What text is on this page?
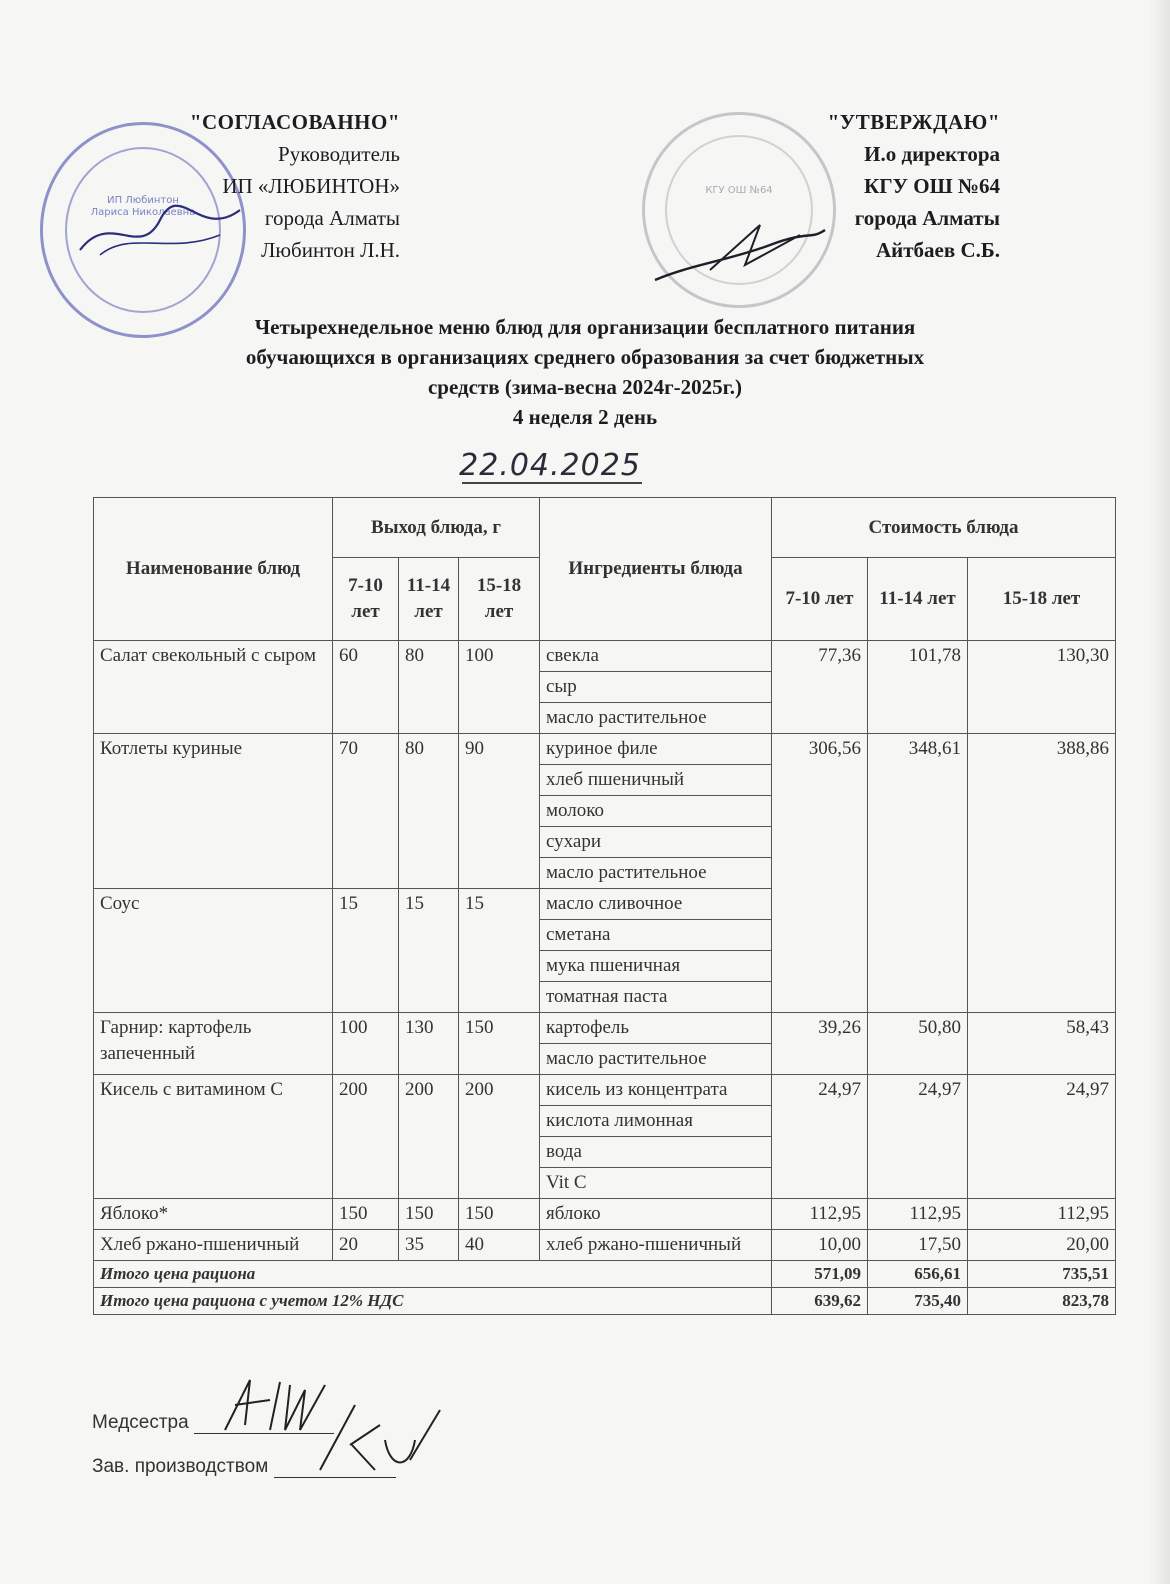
ИП Любинтон Лариса Николаевна
КГУ ОШ №64
"СОГЛАСОВАННО"
Руководитель
ИП «ЛЮБИНТОН»
города Алматы
Любинтон Л.Н.
"УТВЕРЖДАЮ"
И.о директора
КГУ ОШ №64
города Алматы
Айтбаев С.Б.
Четырехнедельное меню блюд для организации бесплатного питания
обучающихся в организациях среднего образования за счет бюджетных
средств (зима-весна 2024г-2025г.)
4 неделя 2 день
22.04.2025
Наименование блюд	Выход блюда, г			Ингредиенты блюда	Стоимость блюда		
	7-10 лет	11-14 лет	15-18 лет		7-10 лет	11-14 лет	15-18 лет
Салат свекольный с сыром	60	80	100	свекла	77,36	101,78	130,30
				сыр			
				масло растительное			
Котлеты куриные	70	80	90	куриное филе	306,56	348,61	388,86
				хлеб пшеничный			
				молоко			
				сухари			
				масло растительное			
Соус	15	15	15	масло сливочное			
				сметана			
				мука пшеничная			
				томатная паста			
Гарнир: картофель запеченный	100	130	150	картофель	39,26	50,80	58,43
				масло растительное			
Кисель с витамином С	200	200	200	кисель из концентрата	24,97	24,97	24,97
				кислота лимонная			
				вода			
				Vit C			
Яблоко*	150	150	150	яблоко	112,95	112,95	112,95
Хлеб ржано-пшеничный	20	35	40	хлеб ржано-пшеничный	10,00	17,50	20,00
Итого цена рациона					571,09	656,61	735,51
Итого цена рациона с учетом 12% НДС					639,62	735,40	823,78
Медсестра
Зав. производством
